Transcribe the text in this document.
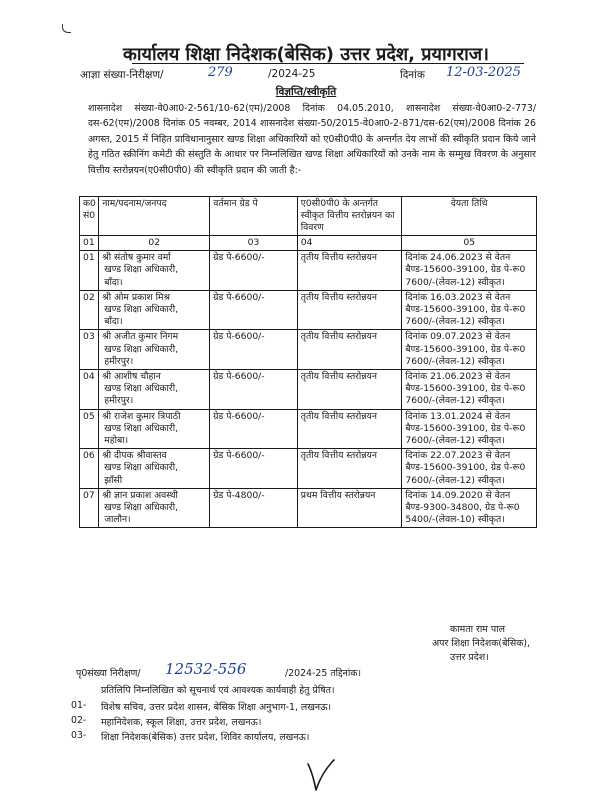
कार्यालय शिक्षा निदेशक(बेसिक) उत्तर प्रदेश, प्रयागराज।
आज्ञा संख्या-निरीक्षण/	279	/2024-25	दिनांक 12-03-2025
विज्ञप्ति/स्वीकृति
शासनादेश संख्या-वे0आ0-2-561/10-62(एम)/2008 दिनांक 04.05.2010, शासनादेश संख्या-वे0आ0-2-773/दस-62(एम)/2008 दिनांक 05 नवम्बर, 2014 शासनादेश संख्या-50/2015-वे0आ0-2-871/दस-62(एम)/2008 दिनांक 26 अगस्त, 2015 में निहित प्राविधानानुसार खण्ड शिक्षा अधिकारियों को ए0सी0पी0 के अन्तर्गत देय लाभों की स्वीकृति प्रदान किये जाने हेतु गठित स्क्रीनिंग कमेटी की संस्तुति के आधार पर निम्नलिखित खण्ड शिक्षा अधिकारियों को उनके नाम के सम्मुख विवरण के अनुसार वित्तीय स्तरोन्नयन(ए0सी0पी0) की स्वीकृति प्रदान की जाती है:-
क0 सं0	नाम/पदनाम/जनपद	वर्तमान ग्रेड पे	ए0सी0पी0 के अन्तर्गत स्वीकृत वित्तीय स्तरोन्नयन का विवरण	देयता तिथि
01	02	03	04	05

01	श्री संतोष कुमार वर्मा
खण्ड शिक्षा अधिकारी,
बाँदा।	ग्रेड पे-6600/-	तृतीय वित्तीय स्तरोन्नयन	दिनांक 24.06.2023 से वेतन बैण्ड-15600-39100, ग्रेड पे-रू0 7600/-(लेवल-12) स्वीकृत।

02	श्री ओम प्रकाश मिश्र
खण्ड शिक्षा अधिकारी,
बाँदा।	ग्रेड पे-6600/-	तृतीय वित्तीय स्तरोन्नयन	दिनांक 16.03.2023 से वेतन बैण्ड-15600-39100, ग्रेड पे-रू0 7600/-(लेवल-12) स्वीकृत।

03	श्री अजीत कुमार निगम
खण्ड शिक्षा अधिकारी,
हमीरपुर।	ग्रेड पे-6600/-	तृतीय वित्तीय स्तरोन्नयन	दिनांक 09.07.2023 से वेतन बैण्ड-15600-39100, ग्रेड पे-रू0 7600/-(लेवल-12) स्वीकृत।

04	श्री आशीष चौहान
खण्ड शिक्षा अधिकारी,
हमीरपुर।	ग्रेड पे-6600/-	तृतीय वित्तीय स्तरोन्नयन	दिनांक 21.06.2023 से वेतन बैण्ड-15600-39100, ग्रेड पे-रू0 7600/-(लेवल-12) स्वीकृत।

05	श्री राजेश कुमार त्रिपाठी
खण्ड शिक्षा अधिकारी,
महोबा।	ग्रेड पे-6600/-	तृतीय वित्तीय स्तरोन्नयन	दिनांक 13.01.2024 से वेतन बैण्ड-15600-39100, ग्रेड पे-रू0 7600/-(लेवल-12) स्वीकृत।

06	श्री दीपक श्रीवास्तव
खण्ड शिक्षा अधिकारी,
झाँसी	ग्रेड पे-6600/-	तृतीय वित्तीय स्तरोन्नयन	दिनांक 22.07.2023 से वेतन बैण्ड-15600-39100, ग्रेड पे-रू0 7600/-(लेवल-12) स्वीकृत।

07	श्री ज्ञान प्रकाश अवस्थी
खण्ड शिक्षा अधिकारी,
जालौन।	ग्रेड पे-4800/-	प्रथम वित्तीय स्तरोन्नयन	दिनांक 14.09.2020 से वेतन बैण्ड-9300-34800, ग्रेड पे-रू0 5400/-(लेवल-10) स्वीकृत।
कामता राम पाल
अपर शिक्षा निदेशक(बेसिक),
उत्तर प्रदेश।
पृ0संख्या निरीक्षण/ 12532-556	/2024-25 तद्दिनांक।
प्रतिलिपि निम्नलिखित को सूचनार्थ एवं आवश्यक कार्यवाही हेतु प्रेषित।
01- विशेष सचिव, उत्तर प्रदेश शासन, बेसिक शिक्षा अनुभाग-1, लखनऊ।
02- महानिदेशक, स्कूल शिक्षा, उत्तर प्रदेश, लखनऊ।
03- शिक्षा निदेशक(बेसिक) उत्तर प्रदेश, शिविर कार्यालय, लखनऊ।
